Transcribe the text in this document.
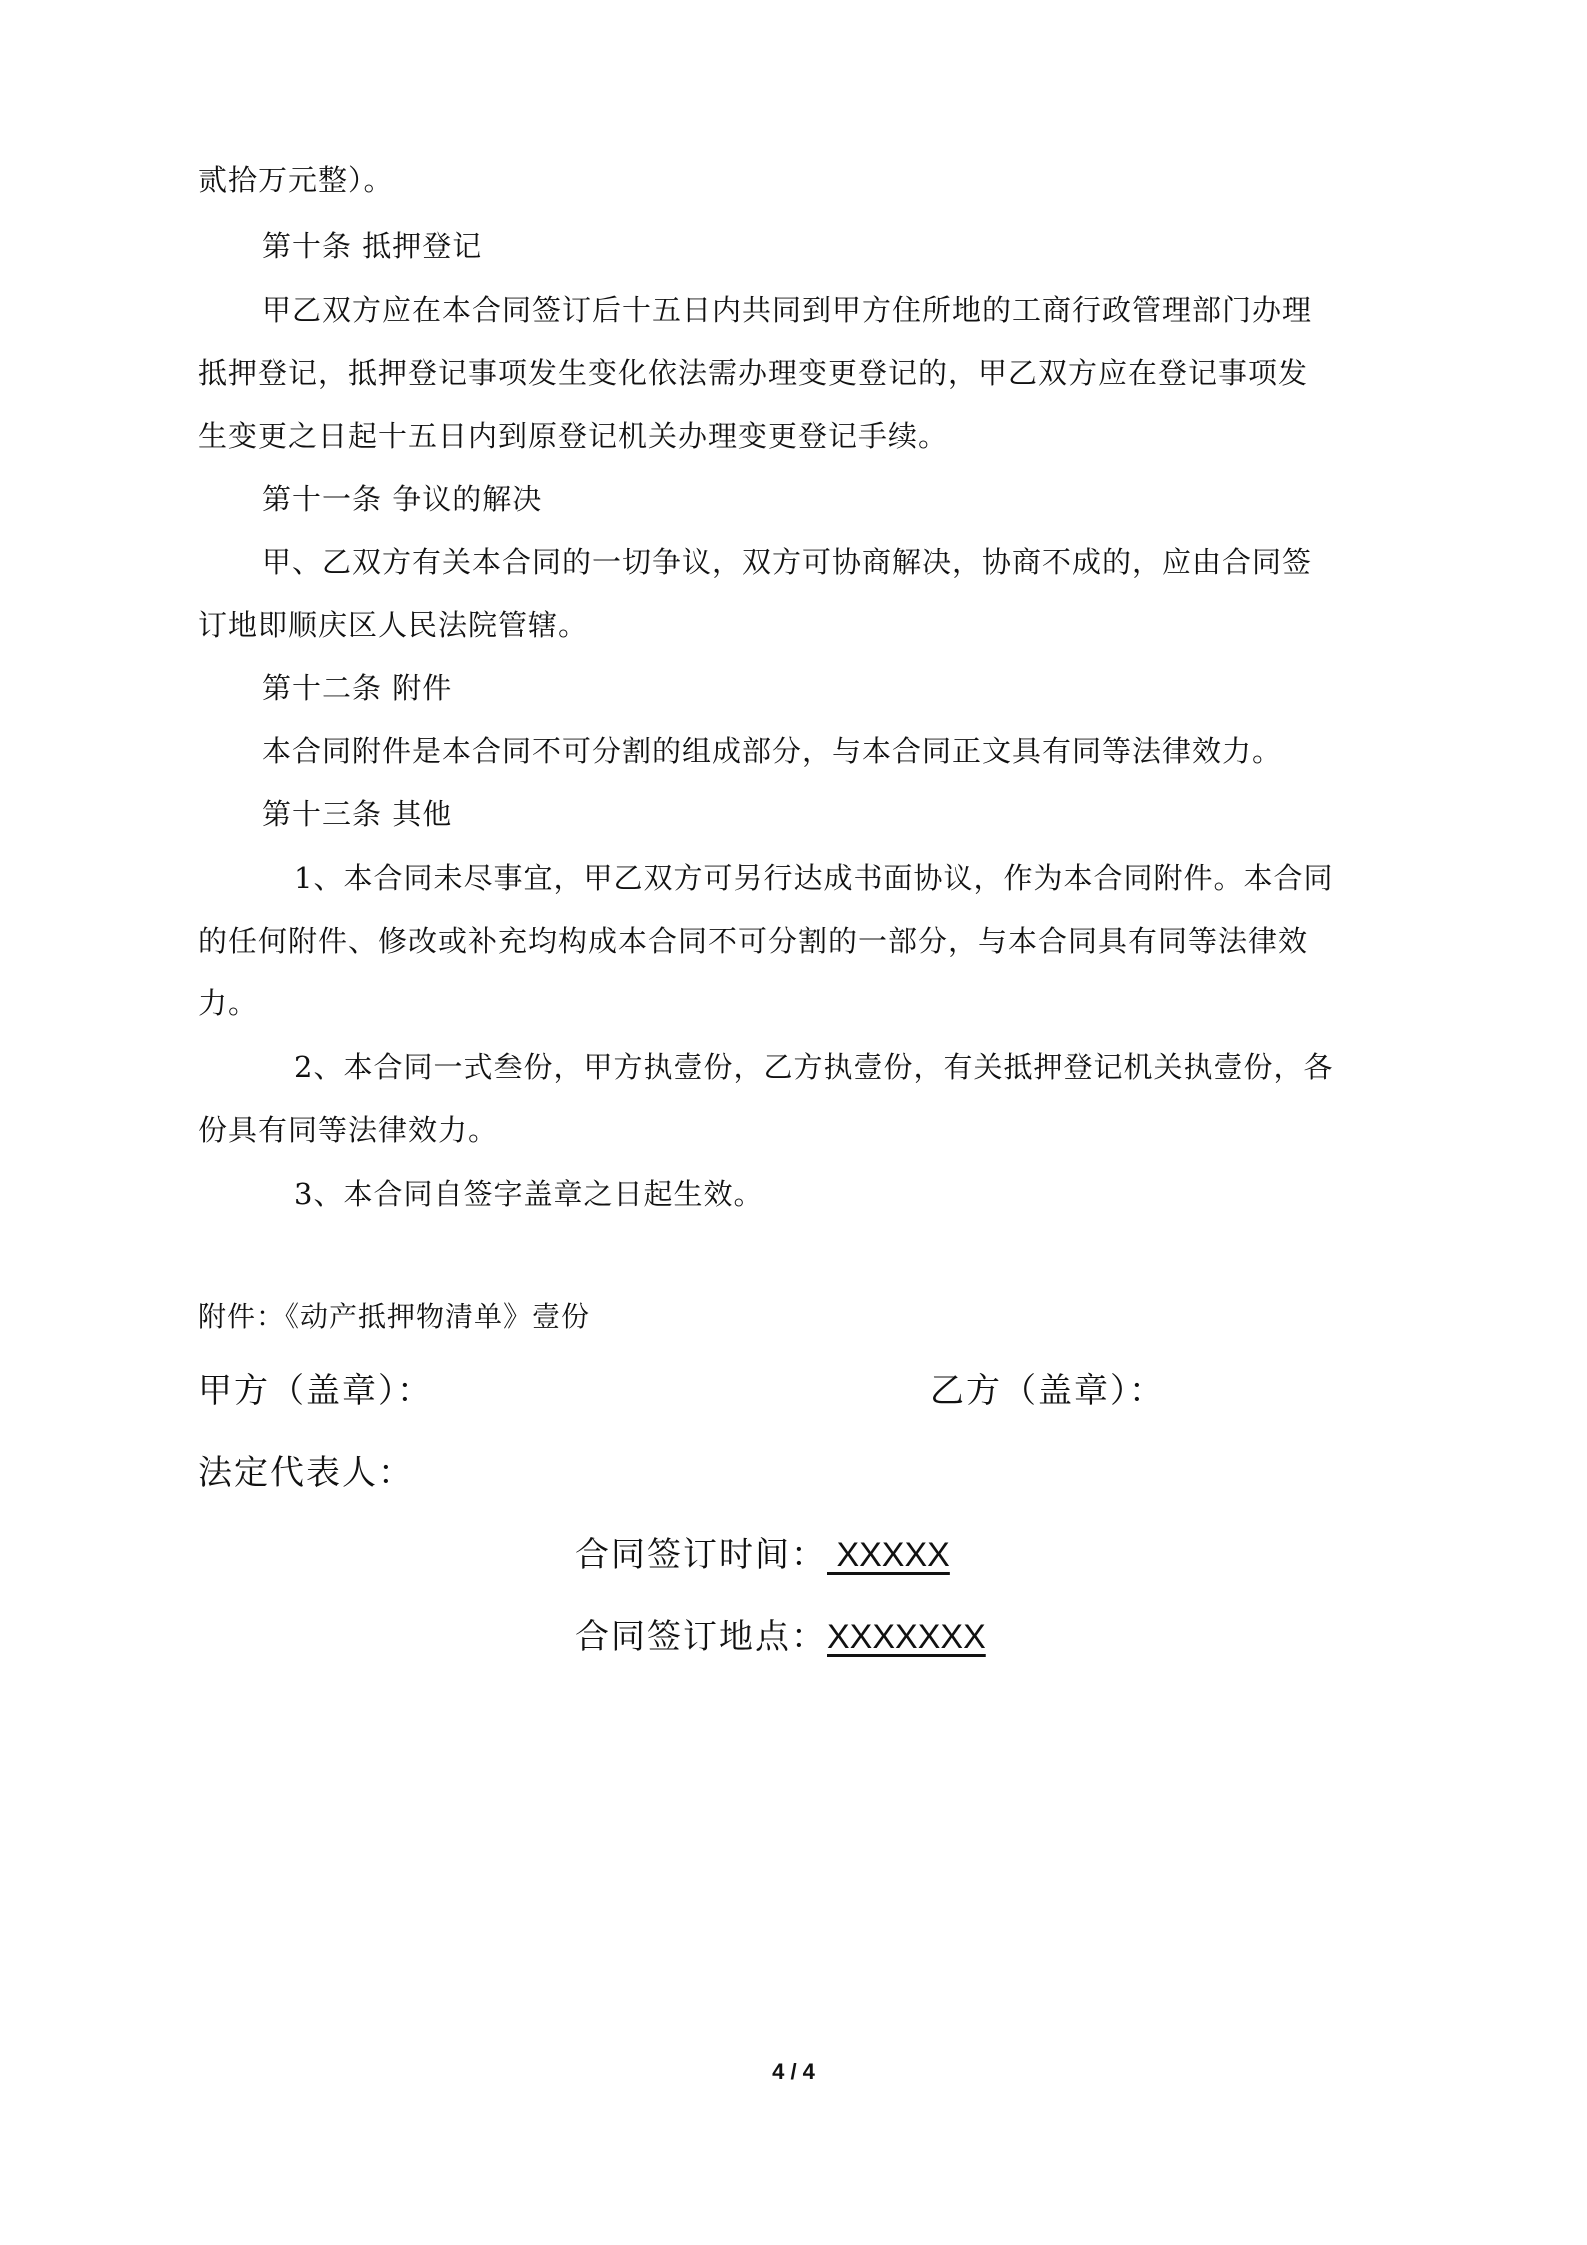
贰拾万元整）。
第十条 抵押登记
甲乙双方应在本合同签订后十五日内共同到甲方住所地的工商行政管理部门办理
抵押登记，抵押登记事项发生变化依法需办理变更登记的，甲乙双方应在登记事项发
生变更之日起十五日内到原登记机关办理变更登记手续。
第十一条 争议的解决
甲、乙双方有关本合同的一切争议，双方可协商解决，协商不成的，应由合同签
订地即顺庆区人民法院管辖。
第十二条 附件
本合同附件是本合同不可分割的组成部分，与本合同正文具有同等法律效力。
第十三条 其他
1、本合同未尽事宜，甲乙双方可另行达成书面协议，作为本合同附件。本合同
的任何附件、修改或补充均构成本合同不可分割的一部分，与本合同具有同等法律效
力。
2、本合同一式叁份，甲方执壹份，乙方执壹份，有关抵押登记机关执壹份，各
份具有同等法律效力。
3、本合同自签字盖章之日起生效。
附件：《动产抵押物清单》壹份
甲方（盖章）：	乙方（盖章）：
法定代表人：
合同签订时间： XXXXX
合同签订地点：XXXXXXX
4 / 4
